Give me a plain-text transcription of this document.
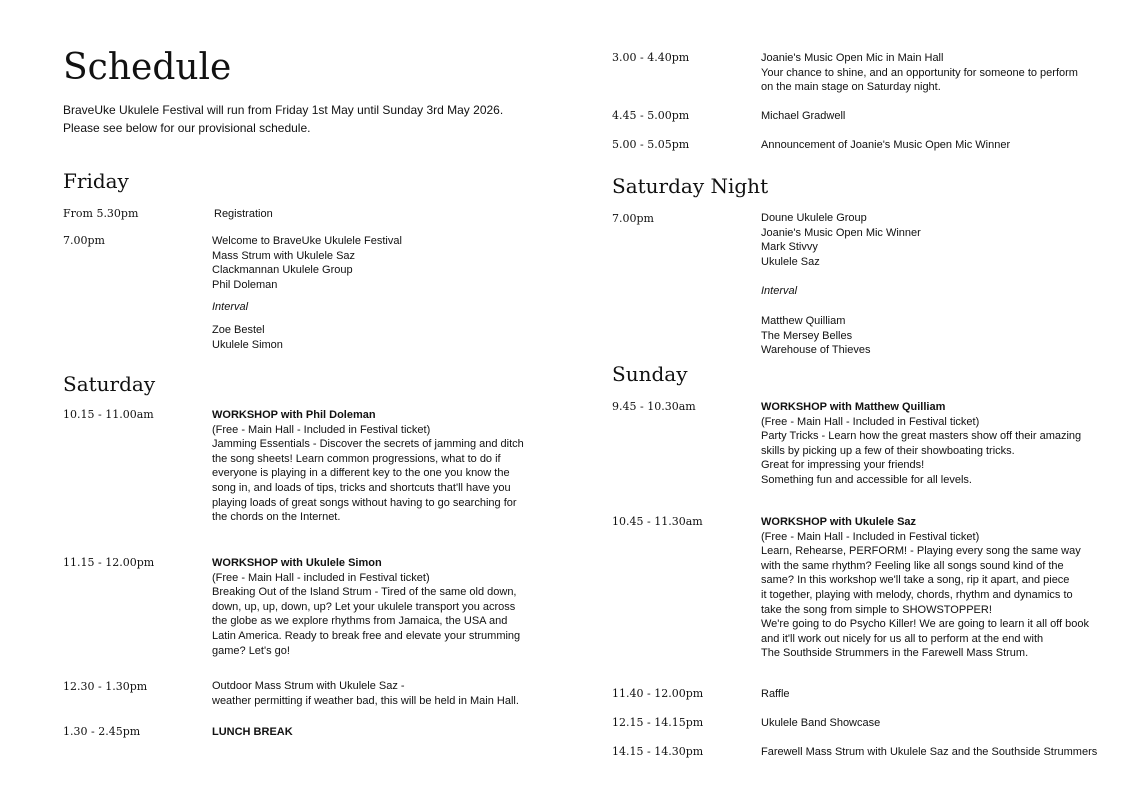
Schedule
BraveUke Ukulele Festival will run from Friday 1st May until Sunday 3rd May 2026.
Please see below for our provisional schedule.
Friday
From 5.30pm	Registration
7.00pm	Welcome to BraveUke Ukulele Festival
Mass Strum with Ukulele Saz
Clackmannan Ukulele Group
Phil Doleman
Interval
Zoe Bestel
Ukulele Simon
Saturday
10.15 - 11.00am	WORKSHOP with Phil Doleman
(Free - Main Hall - Included in Festival ticket)
Jamming Essentials - Discover the secrets of jamming and ditch
the song sheets! Learn common progressions, what to do if
everyone is playing in a different key to the one you know the
song in, and loads of tips, tricks and shortcuts that'll have you
playing loads of great songs without having to go searching for
the chords on the Internet.
11.15 - 12.00pm	WORKSHOP with Ukulele Simon
(Free - Main Hall - included in Festival ticket)
Breaking Out of the Island Strum - Tired of the same old down,
down, up, up, down, up? Let your ukulele transport you across
the globe as we explore rhythms from Jamaica, the USA and
Latin America. Ready to break free and elevate your strumming
game? Let's go!
12.30 - 1.30pm	Outdoor Mass Strum with Ukulele Saz -
weather permitting if weather bad, this will be held in Main Hall.
1.30 - 2.45pm	LUNCH BREAK
3.00 - 4.40pm	Joanie's Music Open Mic in Main Hall
Your chance to shine, and an opportunity for someone to perform
on the main stage on Saturday night.
4.45 - 5.00pm	Michael Gradwell
5.00 - 5.05pm	Announcement of Joanie's Music Open Mic Winner
Saturday Night
7.00pm	Doune Ukulele Group
Joanie's Music Open Mic Winner
Mark Stivvy
Ukulele Saz
Interval
Matthew Quilliam
The Mersey Belles
Warehouse of Thieves
Sunday
9.45 - 10.30am	WORKSHOP with Matthew Quilliam
(Free - Main Hall - Included in Festival ticket)
Party Tricks - Learn how the great masters show off their amazing
skills by picking up a few of their showboating tricks.
Great for impressing your friends!
Something fun and accessible for all levels.
10.45 - 11.30am	WORKSHOP with Ukulele Saz
(Free - Main Hall - Included in Festival ticket)
Learn, Rehearse, PERFORM! - Playing every song the same way
with the same rhythm? Feeling like all songs sound kind of the
same? In this workshop we'll take a song, rip it apart, and piece
it together, playing with melody, chords, rhythm and dynamics to
take the song from simple to SHOWSTOPPER!
We're going to do Psycho Killer! We are going to learn it all off book
and it'll work out nicely for us all to perform at the end with
The Southside Strummers in the Farewell Mass Strum.
11.40 - 12.00pm	Raffle
12.15 - 14.15pm	Ukulele Band Showcase
14.15 - 14.30pm	Farewell Mass Strum with Ukulele Saz and the Southside Strummers
